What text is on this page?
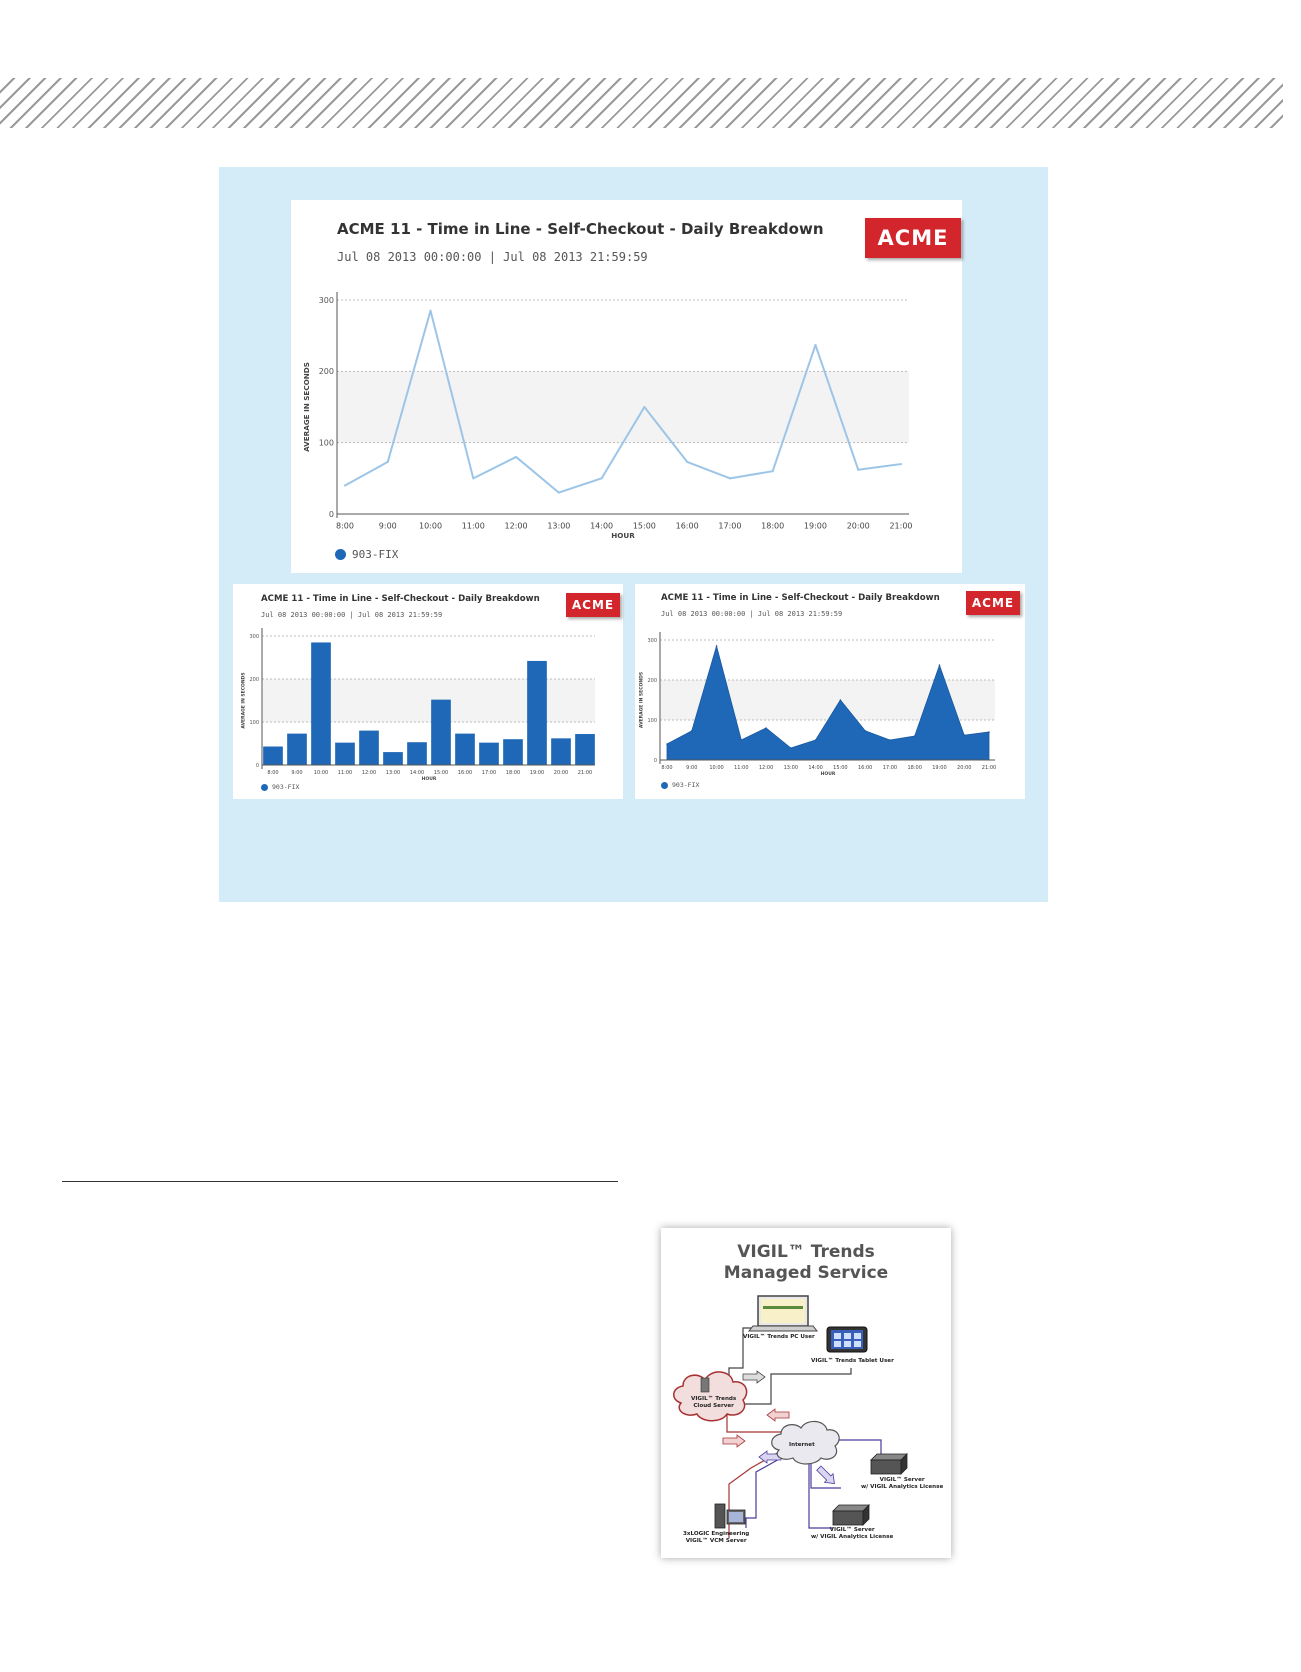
ACME 11 - Time in Line - Self-Checkout - Daily Breakdown
Jul 08 2013 00:00:00 | Jul 08 2013 21:59:59
ACME
0
100
200
300
8:00	9:00	10:00 11:00 12:00 13:00 14:00 15:00 16:00 17:00 18:00 19:00 20:00 21:00
HOUR
AVERAGE IN SECONDS
903-FIX
ACME 11 - Time in Line - Self-Checkout - Daily Breakdown
Jul 08 2013 00:00:00 | Jul 08 2013 21:59:59
ACME
0
100
200
300
8:00	9:00 10:00 11:00 12:00 13:00 14:00 15:00 16:00 17:00 18:00 19:00 20:00 21:00
HOUR
AVERAGE IN SECONDS
903-FIX
ACME 11 - Time in Line - Self-Checkout - Daily Breakdown
Jul 08 2013 00:00:00 | Jul 08 2013 21:59:59
ACME
0
100
200
300
8:00	9:00 10:00 11:00 12:00 13:00 14:00 15:00 16:00 17:00 18:00 19:00 20:00 21:00
HOUR
AVERAGE IN SECONDS
903-FIX
VIGIL™ Trends
Managed Service
VIGIL™ Trends PC User
VIGIL™ Trends Tablet User
VIGIL™ Trends
Cloud Server
Internet
VIGIL™ Server
w/ VIGIL Analytics License
VIGIL™ Server
w/ VIGIL Analytics License
3xLOGIC Engineering
VIGIL™ VCM Server
